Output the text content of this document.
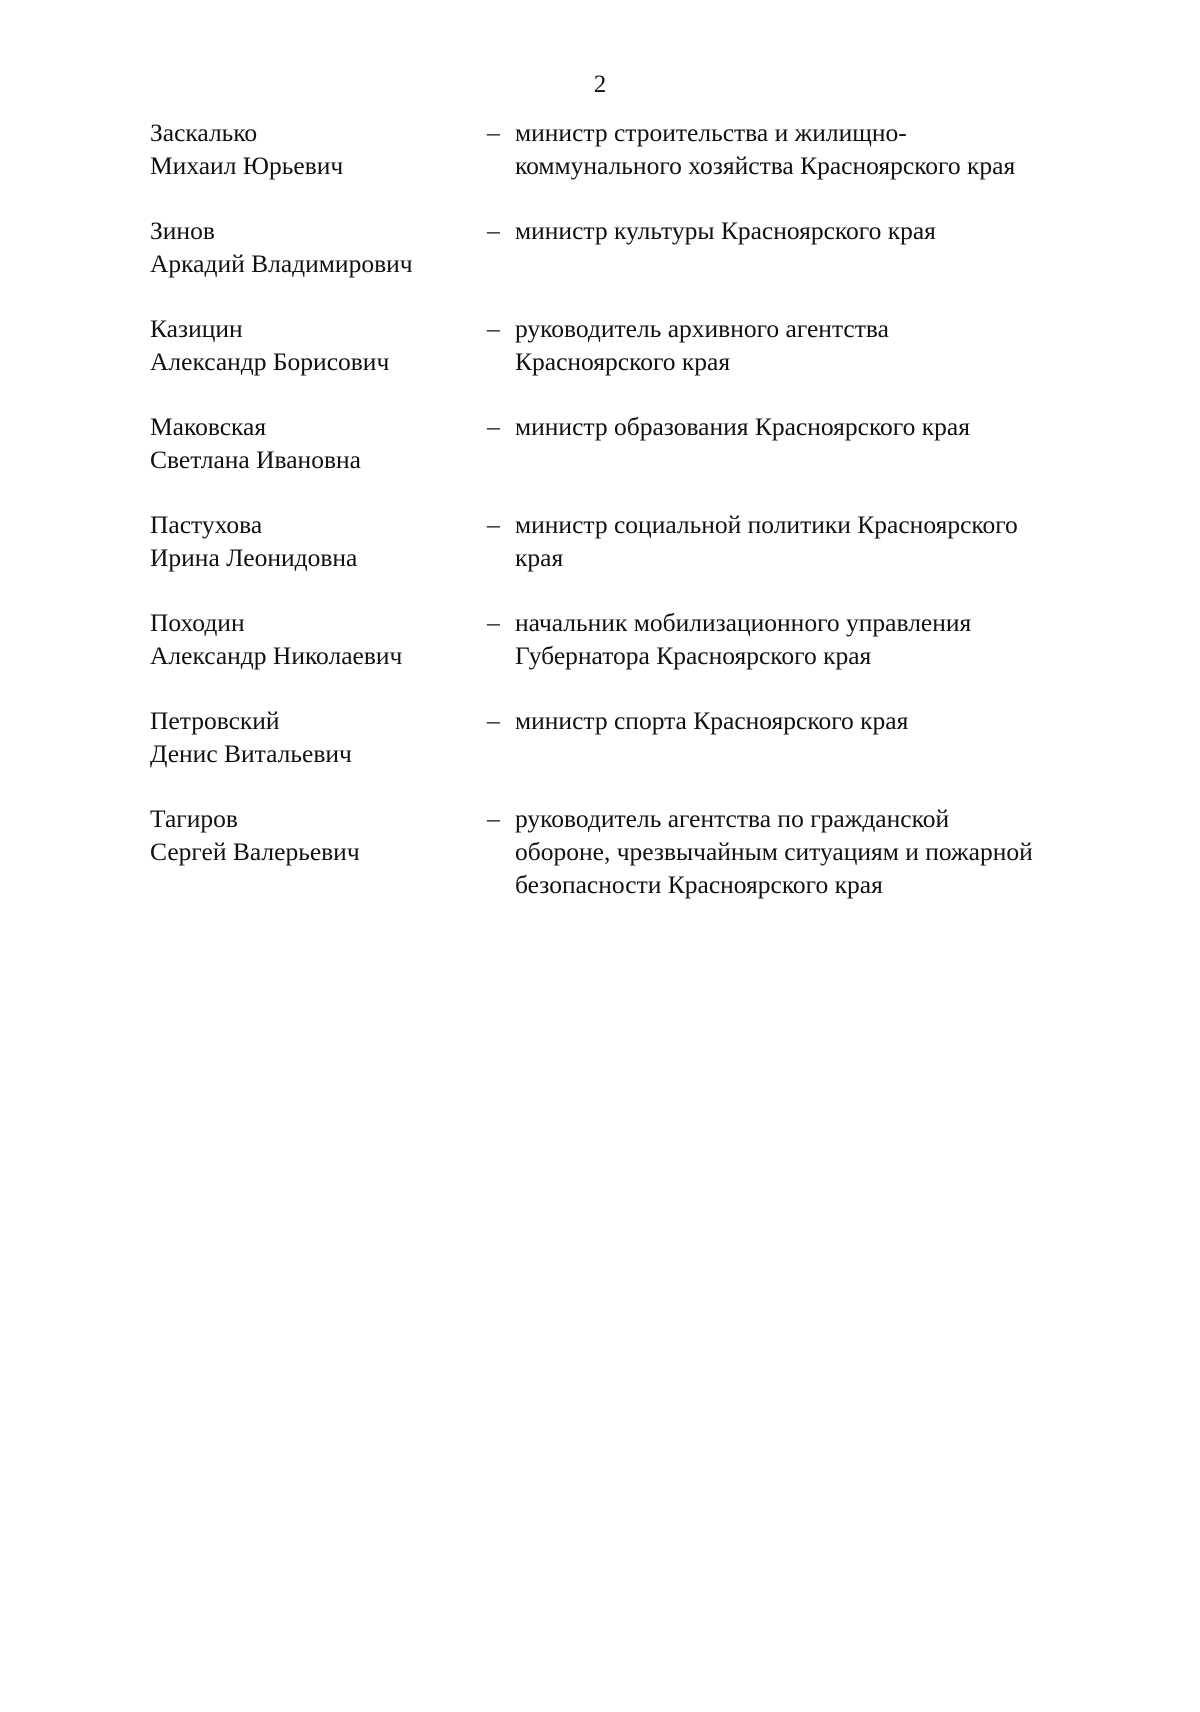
2
Заскалько
Михаил Юрьевич
– министр строительства и жилищно-
коммунального хозяйства Красноярского края
Зинов
Аркадий Владимирович
– министр культуры Красноярского края
Казицин
Александр Борисович
– руководитель архивного агентства
Красноярского края
Маковская
Светлана Ивановна
– министр образования Красноярского края
Пастухова
Ирина Леонидовна
– министр социальной политики Красноярского
края
Походин
Александр Николаевич
– начальник мобилизационного управления
Губернатора Красноярского края
Петровский
Денис Витальевич
– министр спорта Красноярского края
Тагиров
Сергей Валерьевич
– руководитель агентства по гражданской
обороне, чрезвычайным ситуациям и пожарной
безопасности Красноярского края
